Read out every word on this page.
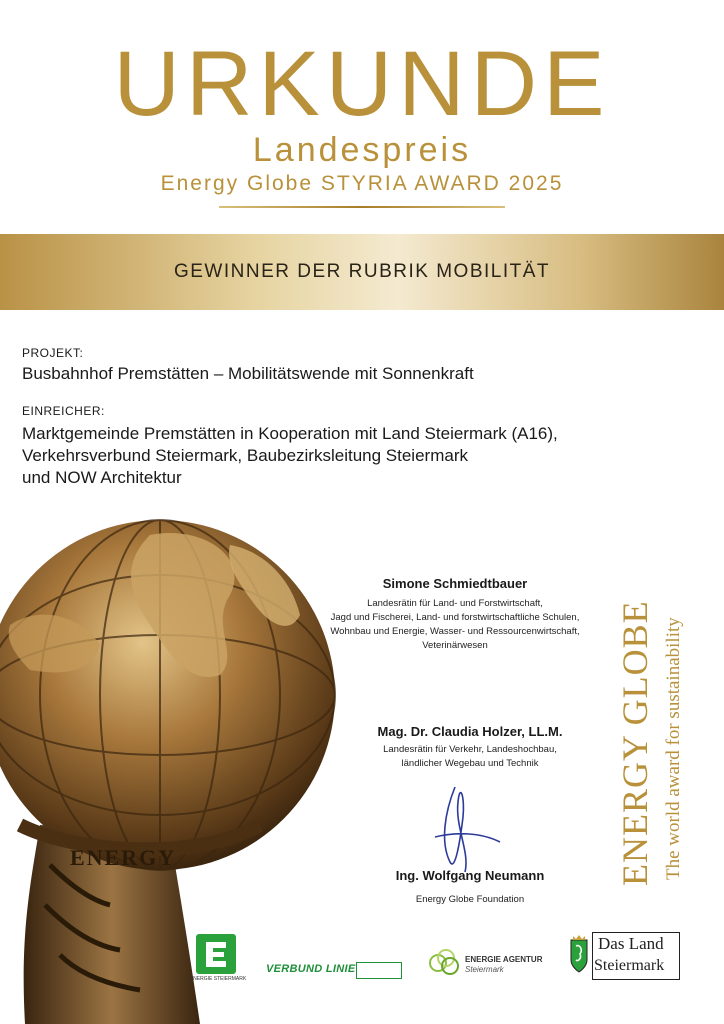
URKUNDE
Landespreis
Energy Globe STYRIA AWARD 2025
GEWINNER DER RUBRIK MOBILITÄT
PROJEKT:
Busbahnhof Premstätten – Mobilitätswende mit Sonnenkraft
EINREICHER:
Marktgemeinde Premstätten in Kooperation mit Land Steiermark (A16),
Verkehrsverbund Steiermark, Baubezirksleitung Steiermark
und NOW Architektur
ENERGY
Simone Schmiedtbauer
Landesrätin für Land- und Forstwirtschaft,
Jagd und Fischerei, Land- und forstwirtschaftliche Schulen,
Wohnbau und Energie, Wasser- und Ressourcenwirtschaft,
Veterinärwesen
Mag. Dr. Claudia Holzer, LL.M.
Landesrätin für Verkehr, Landeshochbau,
ländlicher Wegebau und Technik
Ing. Wolfgang Neumann
Energy Globe Foundation
ENERGY GLOBE The world award for sustainability
ENERGIE STEIERMARK
VERBUND LINIE
ENERGIE AGENTUR
Steiermark
Das Land
Steiermark
